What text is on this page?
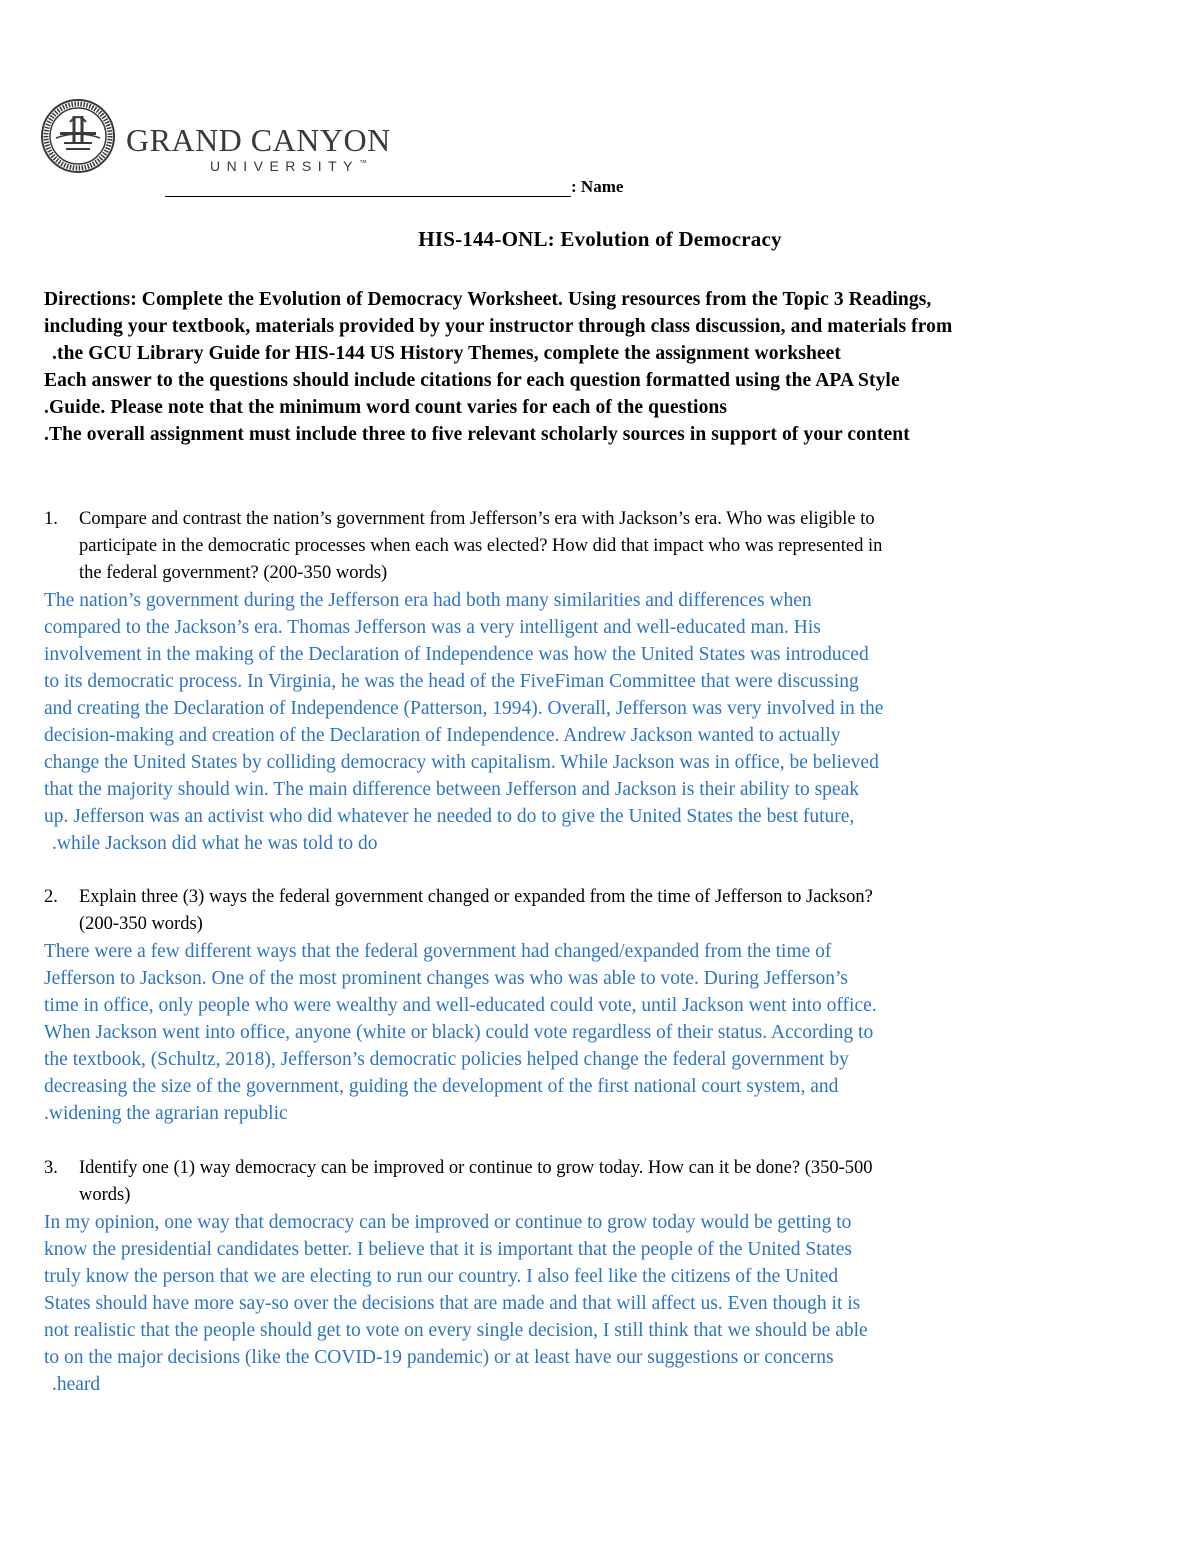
GRAND CANYON
UNIVERSITY™
: Name
HIS-144-ONL: Evolution of Democracy
Directions: Complete the Evolution of Democracy Worksheet. Using resources from the Topic 3 Readings,
including your textbook, materials provided by your instructor through class discussion, and materials from
.the GCU Library Guide for HIS-144 US History Themes, complete the assignment worksheet
Each answer to the questions should include citations for each question formatted using the APA Style
.Guide. Please note that the minimum word count varies for each of the questions
.The overall assignment must include three to five relevant scholarly sources in support of your content
1. Compare and contrast the nation’s government from Jefferson’s era with Jackson’s era. Who was eligible to
participate in the democratic processes when each was elected? How did that impact who was represented in
the federal government? (200-350 words)
The nation’s government during the Jefferson era had both many similarities and differences when
compared to the Jackson’s era. Thomas Jefferson was a very intelligent and well-educated man. His
involvement in the making of the Declaration of Independence was how the United States was introduced
to its democratic process. In Virginia, he was the head of the FiveFiman Committee that were discussing
and creating the Declaration of Independence (Patterson, 1994). Overall, Jefferson was very involved in the
decision-making and creation of the Declaration of Independence. Andrew Jackson wanted to actually
change the United States by colliding democracy with capitalism. While Jackson was in office, be believed
that the majority should win. The main difference between Jefferson and Jackson is their ability to speak
up. Jefferson was an activist who did whatever he needed to do to give the United States the best future,
.while Jackson did what he was told to do
2. Explain three (3) ways the federal government changed or expanded from the time of Jefferson to Jackson?
(200-350 words)
There were a few different ways that the federal government had changed/expanded from the time of
Jefferson to Jackson. One of the most prominent changes was who was able to vote. During Jefferson’s
time in office, only people who were wealthy and well-educated could vote, until Jackson went into office.
When Jackson went into office, anyone (white or black) could vote regardless of their status. According to
the textbook, (Schultz, 2018), Jefferson’s democratic policies helped change the federal government by
decreasing the size of the government, guiding the development of the first national court system, and
.widening the agrarian republic
3. Identify one (1) way democracy can be improved or continue to grow today. How can it be done? (350-500
words)
In my opinion, one way that democracy can be improved or continue to grow today would be getting to
know the presidential candidates better. I believe that it is important that the people of the United States
truly know the person that we are electing to run our country. I also feel like the citizens of the United
States should have more say-so over the decisions that are made and that will affect us. Even though it is
not realistic that the people should get to vote on every single decision, I still think that we should be able
to on the major decisions (like the COVID-19 pandemic) or at least have our suggestions or concerns
.heard
